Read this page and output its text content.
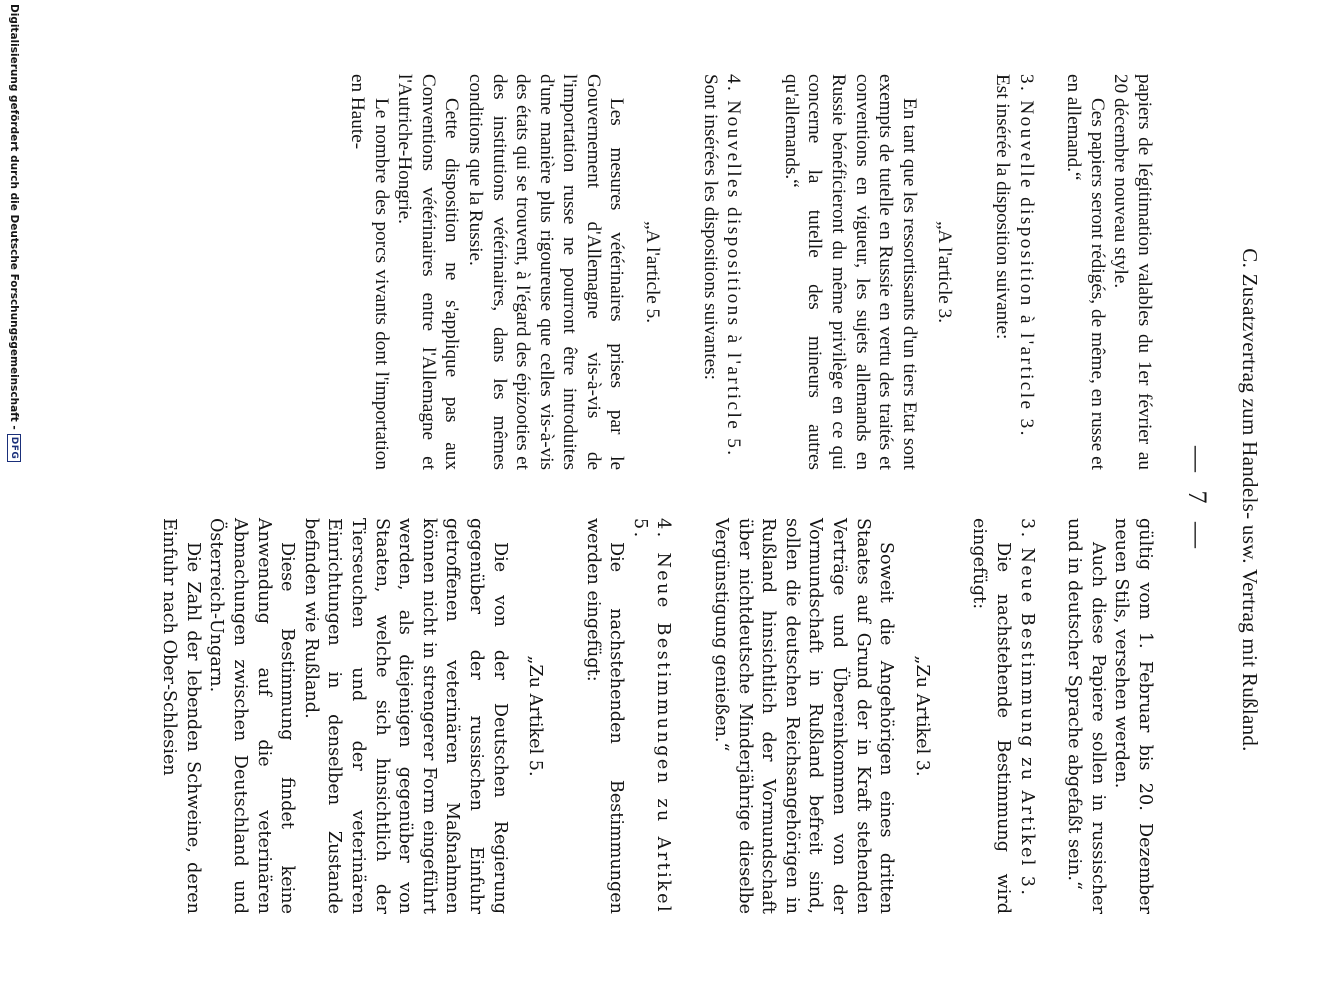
C. Zusatzvertrag zum Handels- usw. Vertrag mit Rußland.
— 7 —

papiers de légitimation valables du 1er février au 20 décembre nouveau style.

Ces papiers seront rédigés, de même, en russe et en allemand.“

3. Nouvelle disposition à l'article 3.

Est insérée la disposition suivante:

„A l'article 3.

En tant que les ressortissants d'un tiers Etat sont exempts de tutelle en Russie en vertu des traités et conventions en vigueur, les sujets allemands en Russie bénéficieront du même privilège en ce qui concerne la tutelle des mineurs autres qu'allemands.“

4. Nouvelles dispositions à l'article 5.

Sont insérées les dispositions suivantes:

„A l'article 5.

Les mesures vétérinaires prises par le Gouvernement d'Allemagne vis-à-vis de l'importation russe ne pourront être introduites d'une manière plus rigoureuse que celles vis-à-vis des états qui se trouvent, à l'égard des épizooties et des institutions vétérinaires, dans les mêmes conditions que la Russie.

Cette disposition ne s'applique pas aux Conventions vétérinaires entre l'Allemagne et l'Autriche-Hongrie.

Le nombre des porcs vivants dont l'importation en Haute-

gültig vom 1. Februar bis 20. Dezember neuen Stils, versehen werden.

Auch diese Papiere sollen in russischer und in deutscher Sprache abgefaßt sein.“

3. Neue Bestimmung zu Artikel 3.

Die nachstehende Bestimmung wird eingefügt:

„Zu Artikel 3.

Soweit die Angehörigen eines dritten Staates auf Grund der in Kraft stehenden Verträge und Übereinkommen von der Vormundschaft in Rußland befreit sind, sollen die deutschen Reichsangehörigen in Rußland hinsichtlich der Vormundschaft über nichtdeutsche Minderjährige dieselbe Vergünstigung genießen.“

4. Neue Bestimmungen zu Artikel 5.

Die nachstehenden Bestimmungen werden eingefügt:

„Zu Artikel 5.

Die von der Deutschen Regierung gegenüber der russischen Einfuhr getroffenen veterinären Maßnahmen können nicht in strengerer Form eingeführt werden, als diejenigen gegenüber von Staaten, welche sich hinsichtlich der Tierseuchen und der veterinären Einrichtungen in denselben Zustande befinden wie Rußland.

Diese Bestimmung findet keine Anwendung auf die veterinären Abmachungen zwischen Deutschland und Österreich-Ungarn.

Die Zahl der lebenden Schweine, deren Einfuhr nach Ober-Schlesien

Digitalisierung gefördert durch die Deutsche Forschungsgemeinschaft -
DFG
